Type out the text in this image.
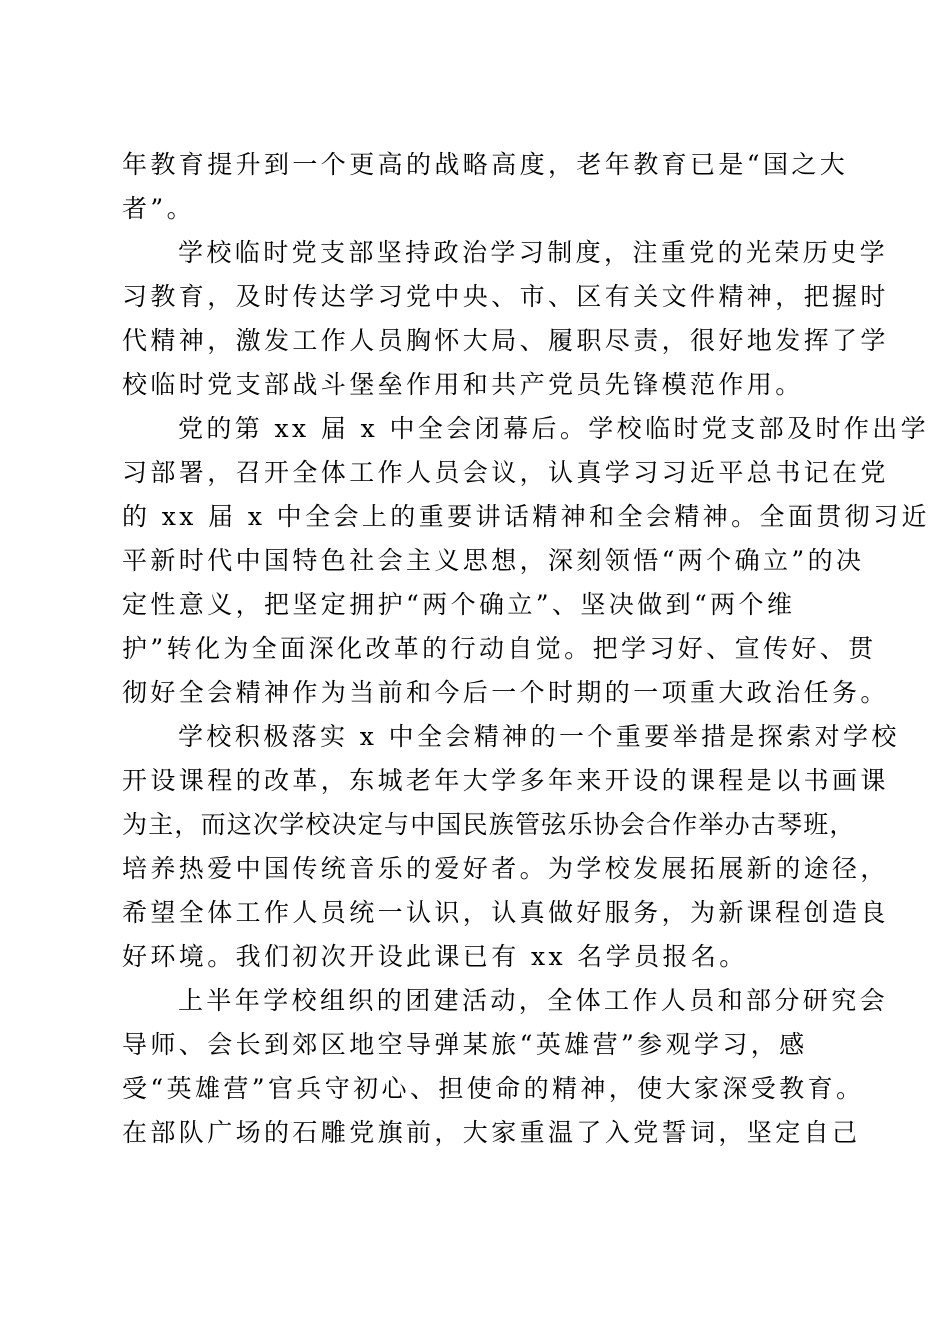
年教育提升到一个更高的战略高度，老年教育已是“国之大
者”。
学校临时党支部坚持政治学习制度，注重党的光荣历史学
习教育，及时传达学习党中央、市、区有关文件精神，把握时
代精神，激发工作人员胸怀大局、履职尽责，很好地发挥了学
校临时党支部战斗堡垒作用和共产党员先锋模范作用。
党的第 xx 届 x 中全会闭幕后。学校临时党支部及时作出学
习部署，召开全体工作人员会议，认真学习习近平总书记在党
的 xx 届 x 中全会上的重要讲话精神和全会精神。全面贯彻习近
平新时代中国特色社会主义思想，深刻领悟“两个确立”的决
定性意义，把坚定拥护“两个确立”、坚决做到“两个维
护”转化为全面深化改革的行动自觉。把学习好、宣传好、贯
彻好全会精神作为当前和今后一个时期的一项重大政治任务。
学校积极落实 x 中全会精神的一个重要举措是探索对学校
开设课程的改革，东城老年大学多年来开设的课程是以书画课
为主，而这次学校决定与中国民族管弦乐协会合作举办古琴班，
培养热爱中国传统音乐的爱好者。为学校发展拓展新的途径，
希望全体工作人员统一认识，认真做好服务，为新课程创造良
好环境。我们初次开设此课已有 xx 名学员报名。
上半年学校组织的团建活动，全体工作人员和部分研究会
导师、会长到郊区地空导弹某旅“英雄营”参观学习，感
受“英雄营”官兵守初心、担使命的精神，使大家深受教育。
在部队广场的石雕党旗前，大家重温了入党誓词，坚定自己
